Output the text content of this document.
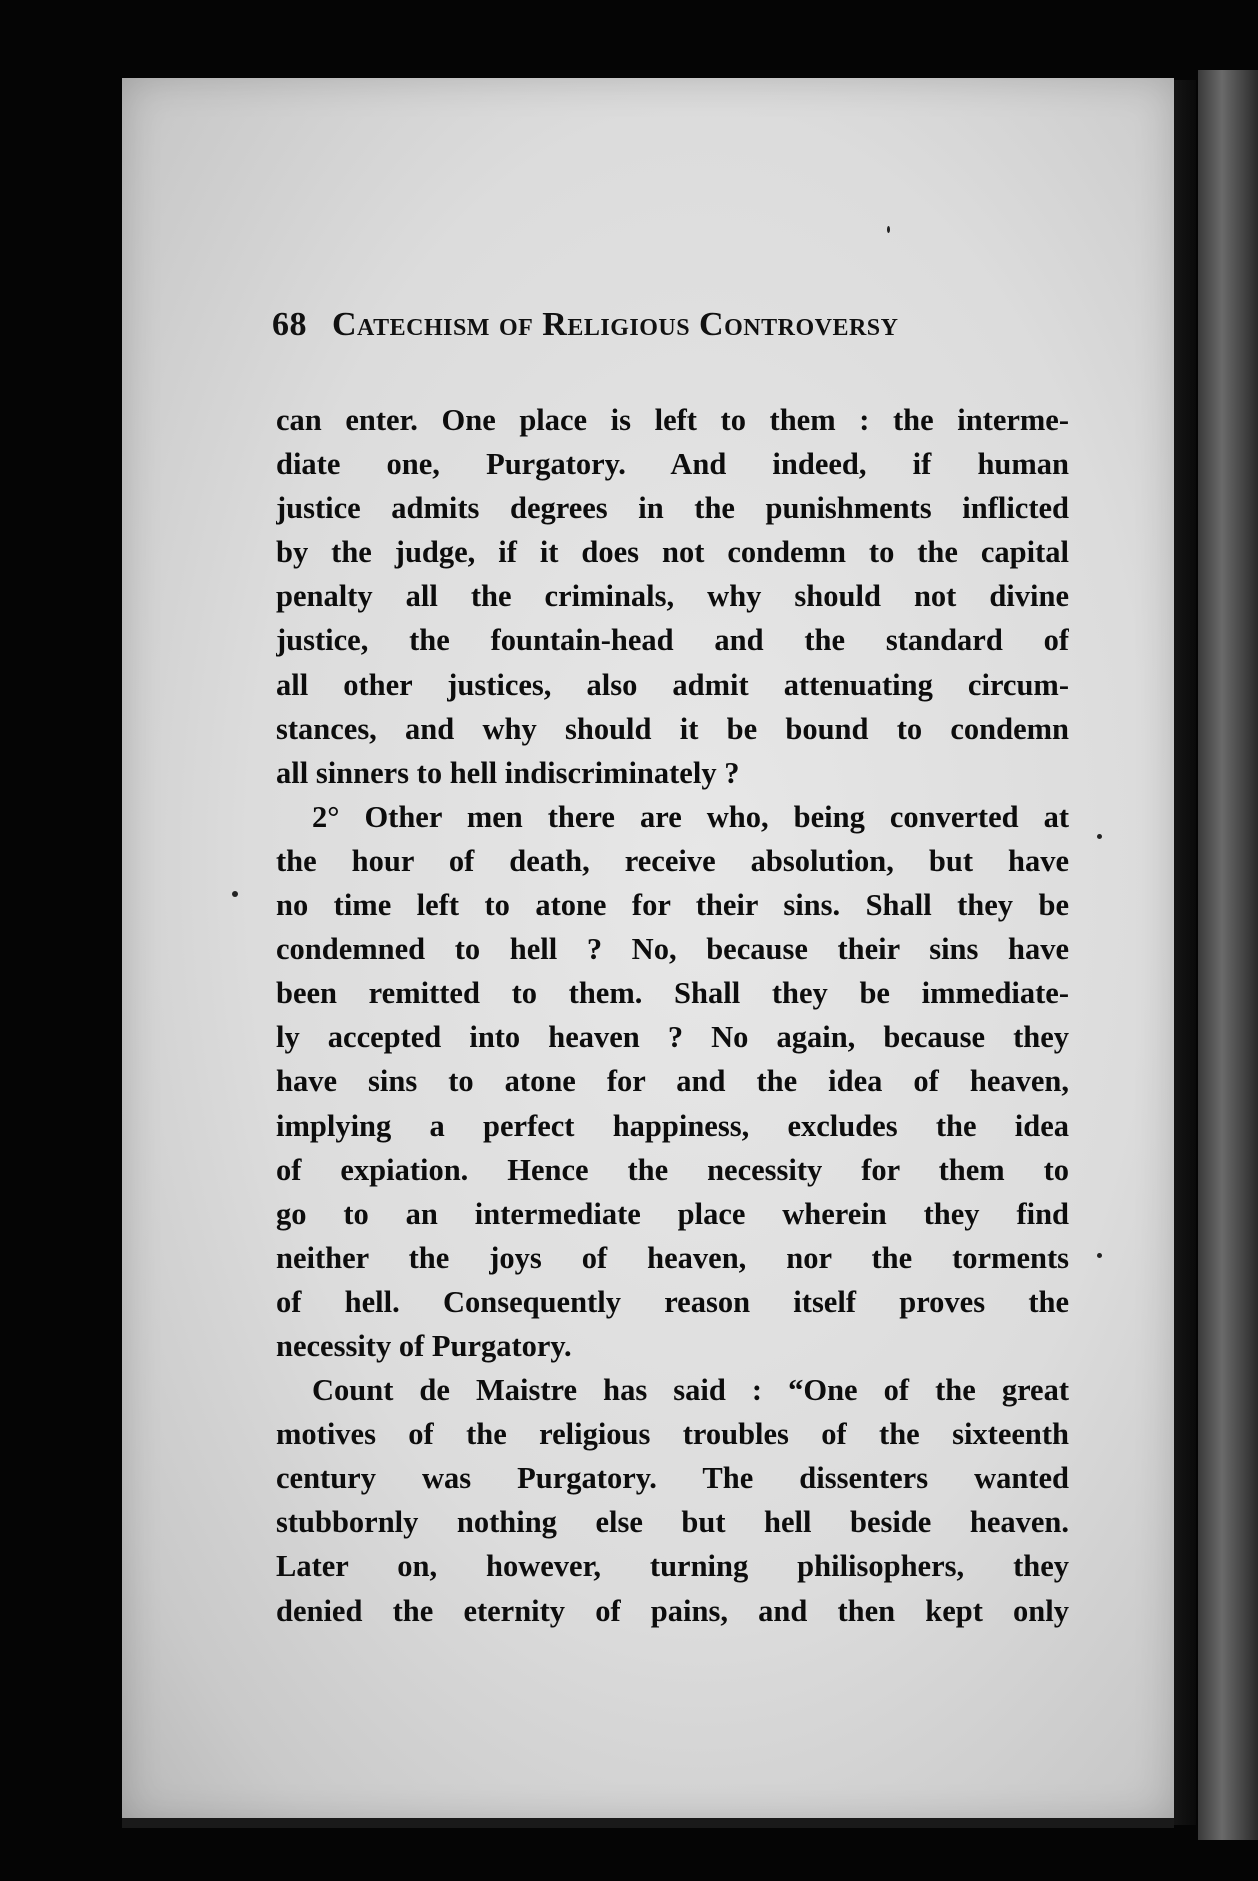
68 Catechism of Religious Controversy
can enter. One place is left to them : the interme-
diate one, Purgatory. And indeed, if human
justice admits degrees in the punishments inflicted
by the judge, if it does not condemn to the capital
penalty all the criminals, why should not divine
justice, the fountain-head and the standard of
all other justices, also admit attenuating circum-
stances, and why should it be bound to condemn
all sinners to hell indiscriminately ?
2° Other men there are who, being converted at
the hour of death, receive absolution, but have
no time left to atone for their sins. Shall they be
condemned to hell ? No, because their sins have
been remitted to them. Shall they be immediate-
ly accepted into heaven ? No again, because they
have sins to atone for and the idea of heaven,
implying a perfect happiness, excludes the idea
of expiation. Hence the necessity for them to
go to an intermediate place wherein they find
neither the joys of heaven, nor the torments
of hell. Consequently reason itself proves the
necessity of Purgatory.
Count de Maistre has said : “One of the great
motives of the religious troubles of the sixteenth
century was Purgatory. The dissenters wanted
stubbornly nothing else but hell beside heaven.
Later on, however, turning philisophers, they
denied the eternity of pains, and then kept only
